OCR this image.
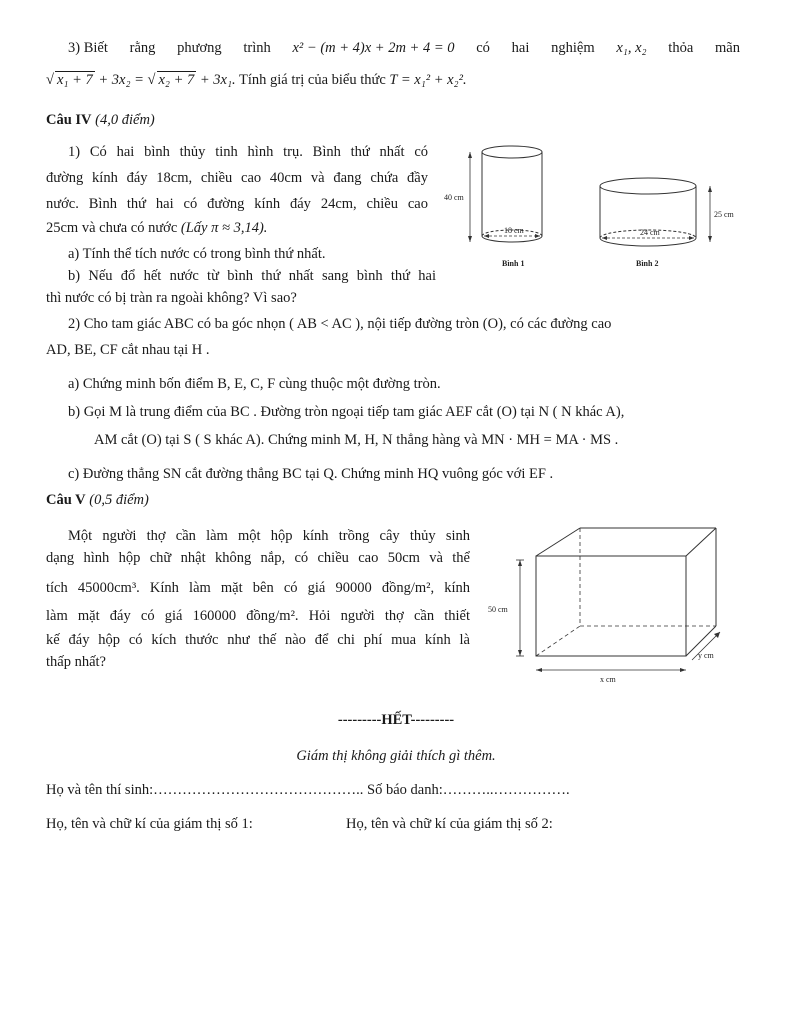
3) Biết rằng phương trình x² − (m + 4)x + 2m + 4 = 0 có hai nghiệm x₁, x₂ thỏa mãn
√ x₁ + 7 + 3x₂ = √ x₂ + 7 + 3x₁. Tính giá trị của biểu thức T = x₁² + x₂².
Câu IV (4,0 điểm)
1) Có hai bình thủy tinh hình trụ. Bình thứ nhất có
đường kính đáy 18cm, chiều cao 40cm và đang chứa đầy
nước. Bình thứ hai có đường kính đáy 24cm, chiều cao
25cm và chưa có nước (Lấy π ≈ 3,14).
a) Tính thể tích nước có trong bình thứ nhất.
b) Nếu đổ hết nước từ bình thứ nhất sang bình thứ hai
thì nước có bị tràn ra ngoài không? Vì sao?
40 cm
18 cm
Bình 1
25 cm
24 cm
Bình 2
2) Cho tam giác ABC có ba góc nhọn ( AB < AC ), nội tiếp đường tròn (O), có các đường cao
AD, BE, CF cắt nhau tại H .
a) Chứng minh bốn điểm B, E, C, F cùng thuộc một đường tròn.
b) Gọi M là trung điểm của BC . Đường tròn ngoại tiếp tam giác AEF cắt (O) tại N ( N khác A),
AM cắt (O) tại S ( S khác A). Chứng minh M, H, N thẳng hàng và MN · MH = MA · MS .
c) Đường thẳng SN cắt đường thẳng BC tại Q. Chứng minh HQ vuông góc với EF .
Câu V (0,5 điểm)
Một người thợ cần làm một hộp kính trồng cây thủy sinh
dạng hình hộp chữ nhật không nắp, có chiều cao 50cm và thể
tích 45000cm³. Kính làm mặt bên có giá 90000 đồng/m², kính
làm mặt đáy có giá 160000 đồng/m². Hỏi người thợ cần thiết
kế đáy hộp có kích thước như thế nào để chi phí mua kính là
thấp nhất?
50 cm
x cm
y cm
---------HẾT---------
Giám thị không giải thích gì thêm.
Họ và tên thí sinh:…………………………………….. Số báo danh:………..…………….
Họ, tên và chữ kí của giám thị số 1:	Họ, tên và chữ kí của giám thị số 2:
